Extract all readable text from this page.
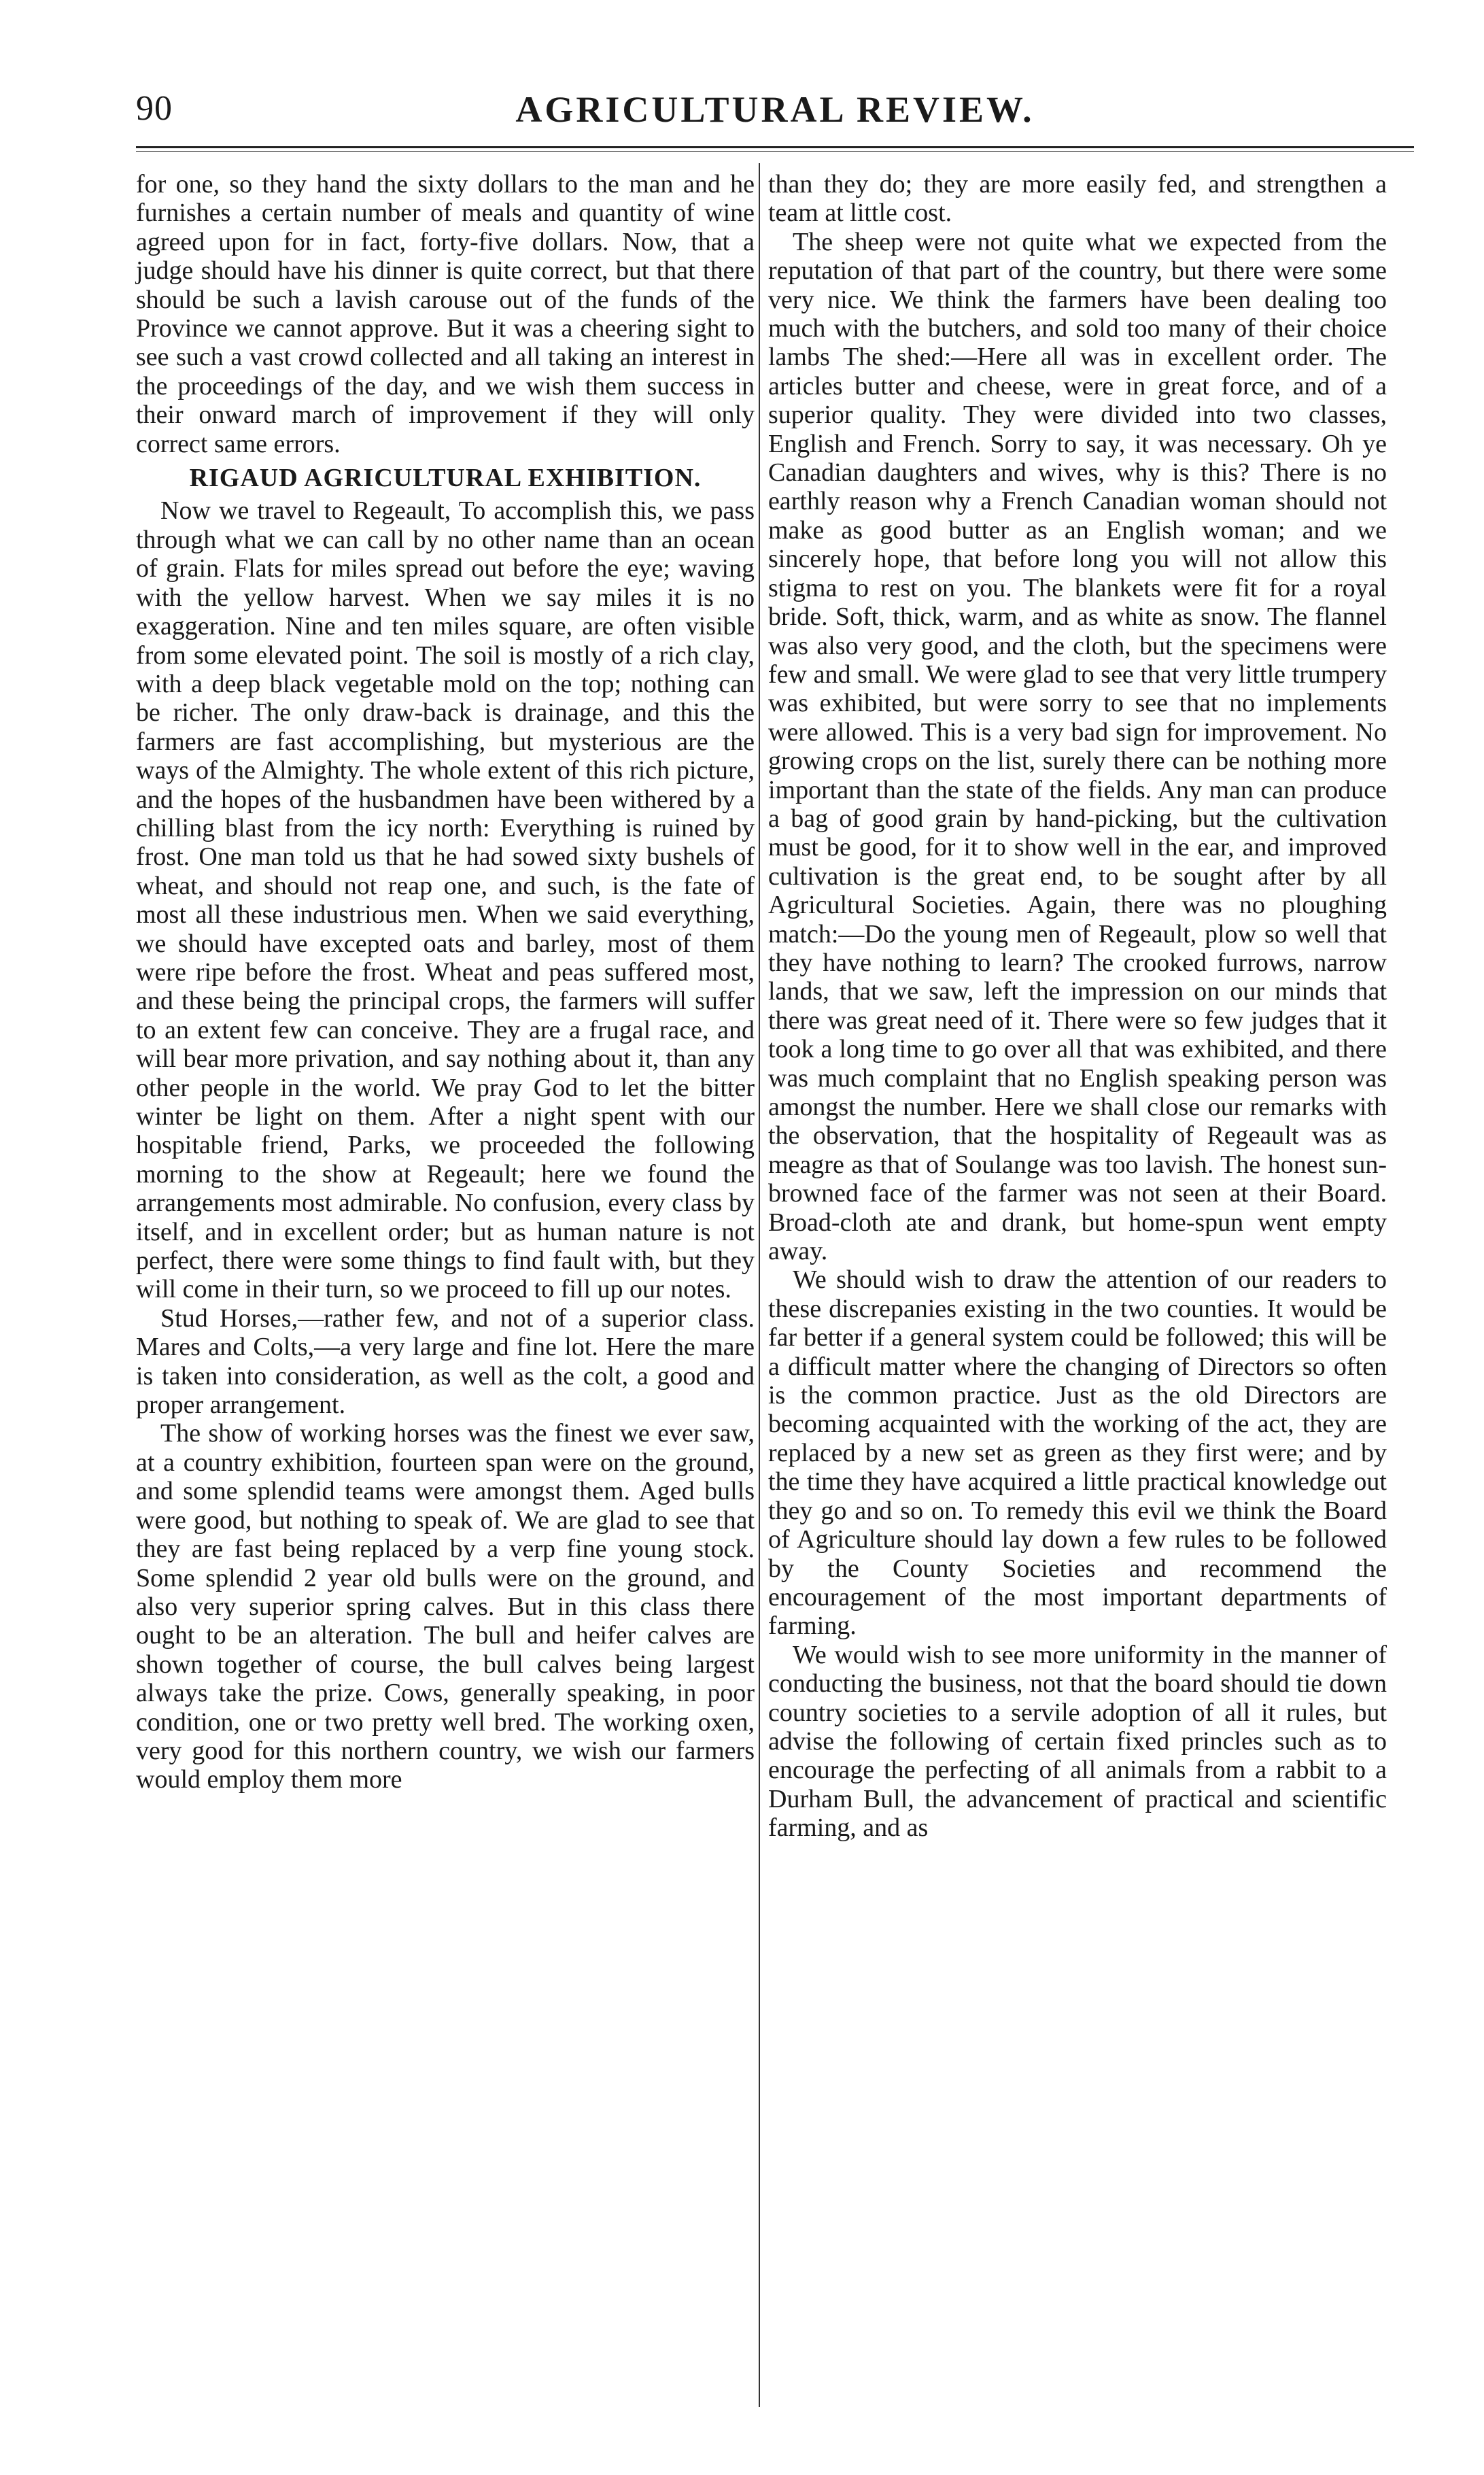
90	AGRICULTURAL REVIEW.

for one, so they hand the sixty dollars to the man and he furnishes a certain number of meals and quantity of wine agreed upon for in fact, forty-five dollars. Now, that a judge should have his dinner is quite correct, but that there should be such a lavish carouse out of the funds of the Province we cannot approve. But it was a cheering sight to see such a vast crowd collected and all taking an interest in the proceedings of the day, and we wish them success in their onward march of improvement if they will only correct same errors.

RIGAUD AGRICULTURAL EXHIBITION.

Now we travel to Regeault, To accomplish this, we pass through what we can call by no other name than an ocean of grain. Flats for miles spread out before the eye; waving with the yellow harvest. When we say miles it is no exaggeration. Nine and ten miles square, are often visible from some elevated point. The soil is mostly of a rich clay, with a deep black vegetable mold on the top; nothing can be richer. The only draw-back is drainage, and this the farmers are fast accomplishing, but mysterious are the ways of the Almighty. The whole extent of this rich picture, and the hopes of the husbandmen have been withered by a chilling blast from the icy north: Everything is ruined by frost. One man told us that he had sowed sixty bushels of wheat, and should not reap one, and such, is the fate of most all these industrious men. When we said everything, we should have excepted oats and barley, most of them were ripe before the frost. Wheat and peas suffered most, and these being the principal crops, the farmers will suffer to an extent few can conceive. They are a frugal race, and will bear more privation, and say nothing about it, than any other people in the world. We pray God to let the bitter winter be light on them. After a night spent with our hospitable friend, Parks, we proceeded the following morning to the show at Regeault; here we found the arrangements most admirable. No confusion, every class by itself, and in excellent order; but as human nature is not perfect, there were some things to find fault with, but they will come in their turn, so we proceed to fill up our notes.

Stud Horses,—rather few, and not of a superior class. Mares and Colts,—a very large and fine lot. Here the mare is taken into consideration, as well as the colt, a good and proper arrangement.

The show of working horses was the finest we ever saw, at a country exhibition, fourteen span were on the ground, and some splendid teams were amongst them. Aged bulls were good, but nothing to speak of. We are glad to see that they are fast being replaced by a verp fine young stock. Some splendid 2 year old bulls were on the ground, and also very superior spring calves. But in this class there ought to be an alteration. The bull and heifer calves are shown together of course, the bull calves being largest always take the prize. Cows, generally speaking, in poor condition, one or two pretty well bred. The working oxen, very good for this northern country, we wish our farmers would employ them more

than they do; they are more easily fed, and strengthen a team at little cost.

The sheep were not quite what we expected from the reputation of that part of the country, but there were some very nice. We think the farmers have been dealing too much with the butchers, and sold too many of their choice lambs The shed:—Here all was in excellent order. The articles butter and cheese, were in great force, and of a superior quality. They were divided into two classes, English and French. Sorry to say, it was necessary. Oh ye Canadian daughters and wives, why is this? There is no earthly reason why a French Canadian woman should not make as good butter as an English woman; and we sincerely hope, that before long you will not allow this stigma to rest on you. The blankets were fit for a royal bride. Soft, thick, warm, and as white as snow. The flannel was also very good, and the cloth, but the specimens were few and small. We were glad to see that very little trumpery was exhibited, but were sorry to see that no implements were allowed. This is a very bad sign for improvement. No growing crops on the list, surely there can be nothing more important than the state of the fields. Any man can produce a bag of good grain by hand-picking, but the cultivation must be good, for it to show well in the ear, and improved cultivation is the great end, to be sought after by all Agricultural Societies. Again, there was no ploughing match:—Do the young men of Regeault, plow so well that they have nothing to learn? The crooked furrows, narrow lands, that we saw, left the impression on our minds that there was great need of it. There were so few judges that it took a long time to go over all that was exhibited, and there was much complaint that no English speaking person was amongst the number. Here we shall close our remarks with the observation, that the hospitality of Regeault was as meagre as that of Soulange was too lavish. The honest sun-browned face of the farmer was not seen at their Board. Broad-cloth ate and drank, but home-spun went empty away.

We should wish to draw the attention of our readers to these discrepanies existing in the two counties. It would be far better if a general system could be followed; this will be a difficult matter where the changing of Directors so often is the common practice. Just as the old Directors are becoming acquainted with the working of the act, they are replaced by a new set as green as they first were; and by the time they have acquired a little practical knowledge out they go and so on. To remedy this evil we think the Board of Agriculture should lay down a few rules to be followed by the County Societies and recommend the encouragement of the most important departments of farming.

We would wish to see more uniformity in the manner of conducting the business, not that the board should tie down country societies to a servile adoption of all it rules, but advise the following of certain fixed princles such as to encourage the perfecting of all animals from a rabbit to a Durham Bull, the advancement of practical and scientific farming, and as
